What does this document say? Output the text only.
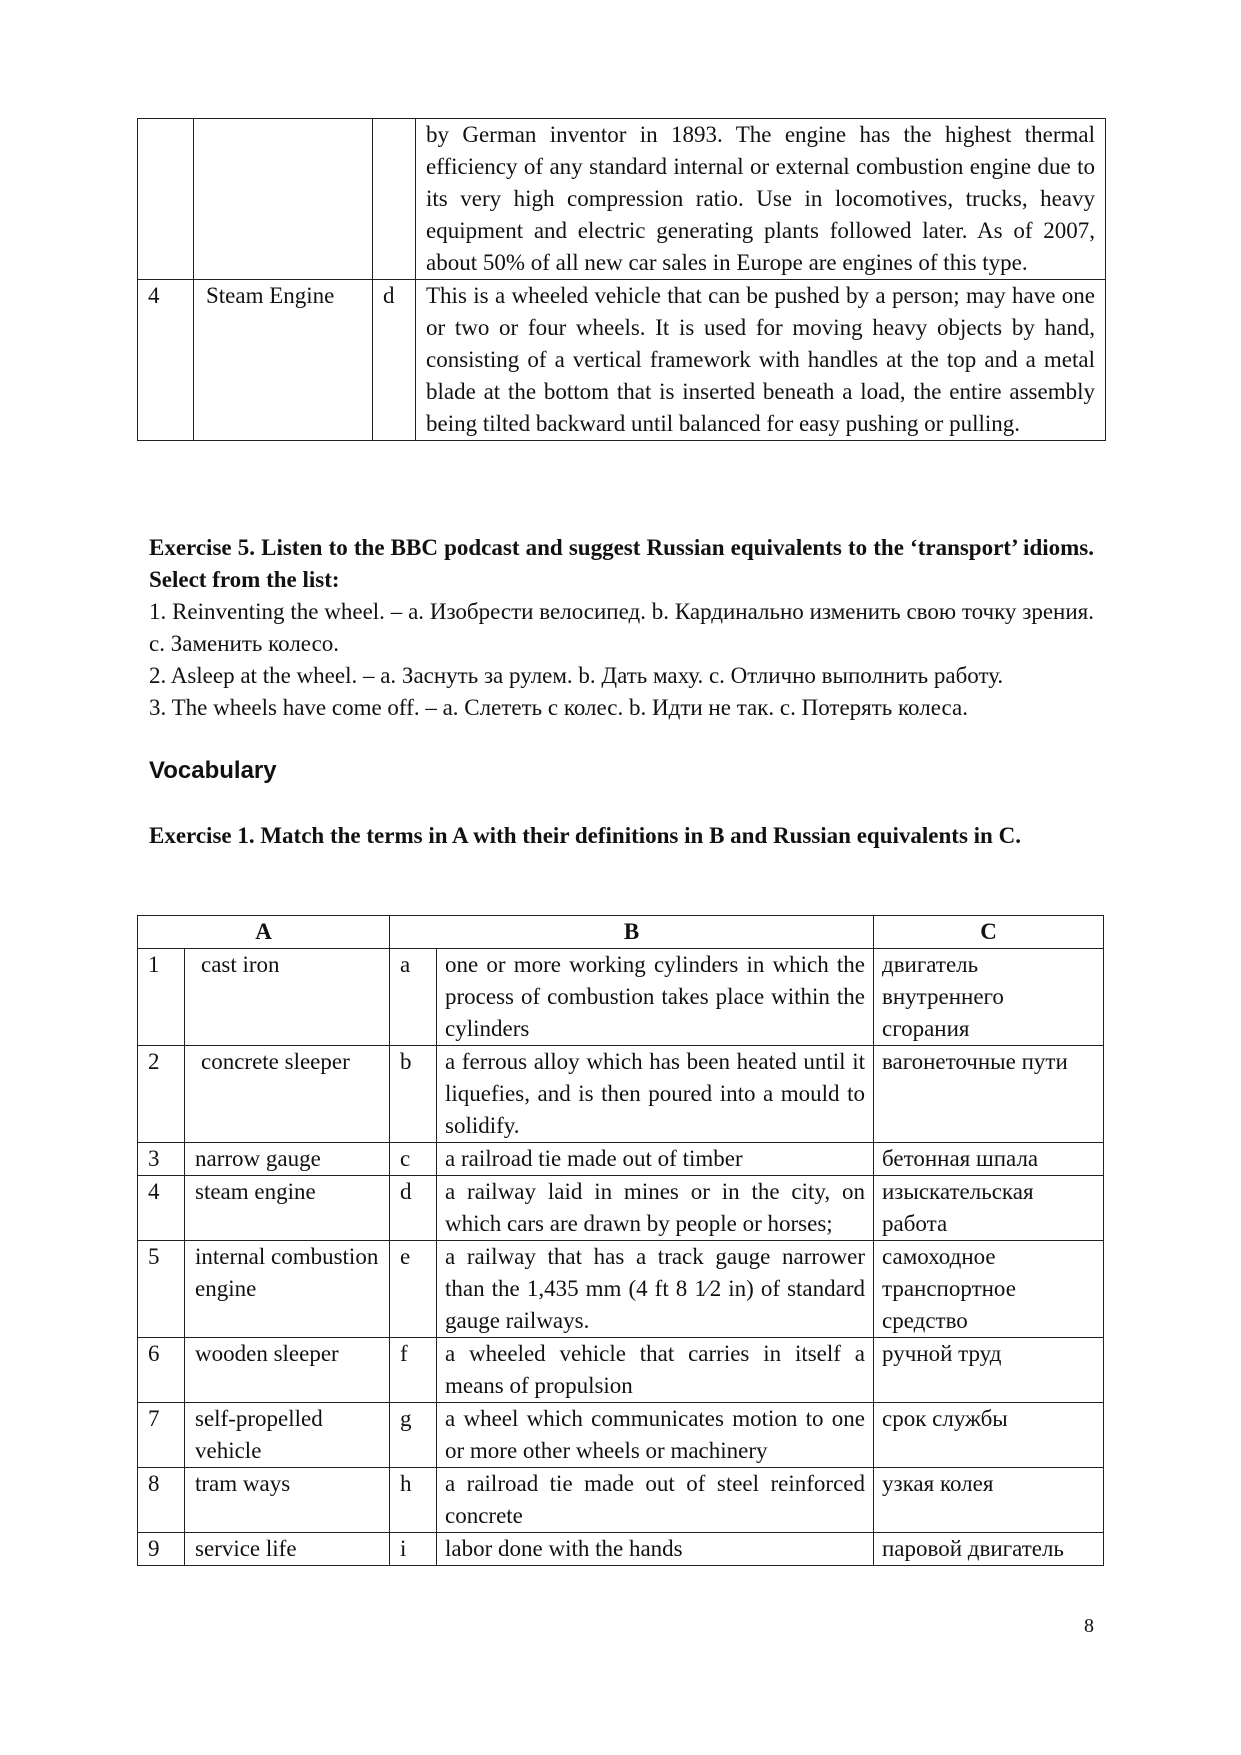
			by German inventor in 1893. The engine has the highest thermal efficiency of any standard internal or external combustion engine due to its very high compression ratio. Use in locomotives, trucks, heavy equipment and electric generating plants followed later. As of 2007, about 50% of all new car sales in Europe are engines of this type.
4	Steam Engine	d	This is a wheeled vehicle that can be pushed by a person; may have one or two or four wheels. It is used for moving heavy objects by hand, consisting of a vertical framework with handles at the top and a metal blade at the bottom that is inserted beneath a load, the entire assembly being tilted backward until balanced for easy pushing or pulling.
Exercise 5. Listen to the BBC podcast and suggest Russian equivalents to the ‘transport’ idioms. Select from the list:
1. Reinventing the wheel. – a. Изобрести велосипед. b. Кардинально изменить свою точку зрения. c. Заменить колесо.
2. Asleep at the wheel. – a. Заснуть за рулем. b. Дать маху. c. Отлично выполнить работу.
3. The wheels have come off. – a. Слететь с колес. b. Идти не так. c. Потерять колеса.
Vocabulary
Exercise 1. Match the terms in A with their definitions in B and Russian equivalents in C.
A		B		C
1	cast iron	a	one or more working cylinders in which the process of combustion takes place within the cylinders	двигатель внутреннего сгорания
2	concrete sleeper	b	a ferrous alloy which has been heated until it liquefies, and is then poured into a mould to solidify.	вагонеточные пути
3	narrow gauge	c	a railroad tie made out of timber	бетонная шпала
4	steam engine	d	a railway laid in mines or in the city, on which cars are drawn by people or horses;	изыскательская работа
5	internal combustion engine	e	a railway that has a track gauge narrower than the 1,435 mm (4 ft 8 1⁄2 in) of standard gauge railways.	самоходное транспортное средство
6	wooden sleeper	f	a wheeled vehicle that carries in itself a means of propulsion	ручной труд
7	self-propelled vehicle	g	a wheel which communicates motion to one or more other wheels or machinery	срок службы
8	tram ways	h	a railroad tie made out of steel reinforced concrete	узкая колея
9	service life	i	labor done with the hands	паровой двигатель
8
